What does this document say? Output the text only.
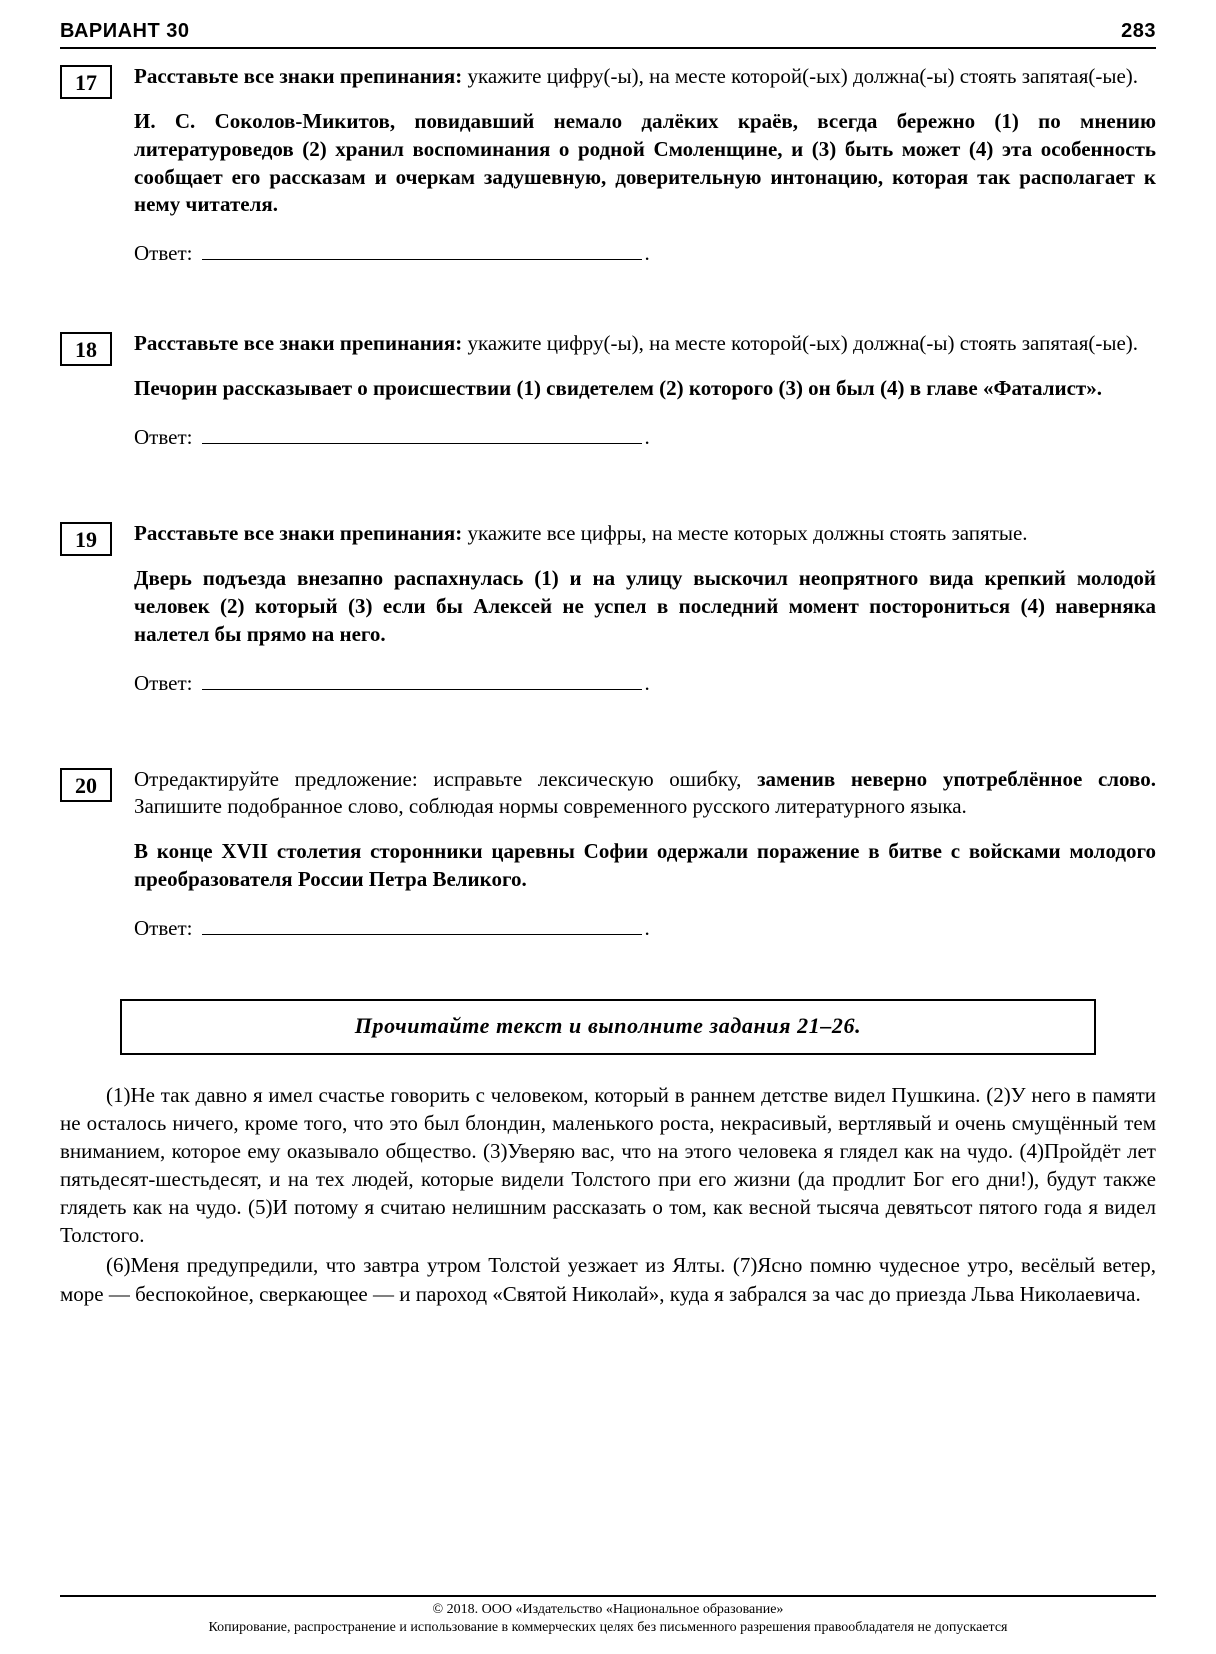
ВАРИАНТ 30	283
17	Расставьте все знаки препинания: укажите цифру(-ы), на месте которой(-ых) должна(-ы) стоять запятая(-ые).

И. С. Соколов-Микитов, повидавший немало далёких краёв, всегда бережно (1) по мнению литературоведов (2) хранил воспоминания о родной Смоленщине, и (3) быть может (4) эта особенность сообщает его рассказам и очеркам задушевную, доверительную интонацию, которая так располагает к нему читателя.

Ответ:	.
18	Расставьте все знаки препинания: укажите цифру(-ы), на месте которой(-ых) должна(-ы) стоять запятая(-ые).

Печорин рассказывает о происшествии (1) свидетелем (2) которого (3) он был (4) в главе «Фаталист».

Ответ:	.
19	Расставьте все знаки препинания: укажите все цифры, на месте которых должны стоять запятые.

Дверь подъезда внезапно распахнулась (1) и на улицу выскочил неопрятного вида крепкий молодой человек (2) который (3) если бы Алексей не успел в последний момент посторониться (4) наверняка налетел бы прямо на него.

Ответ:	.
20	Отредактируйте предложение: исправьте лексическую ошибку, заменив неверно употреблённое слово. Запишите подобранное слово, соблюдая нормы современного русского литературного языка.

В конце XVII столетия сторонники царевны Софии одержали поражение в битве с войсками молодого преобразователя России Петра Великого.

Ответ:	.
Прочитайте текст и выполните задания 21–26.

(1)Не так давно я имел счастье говорить с человеком, который в раннем детстве видел Пушкина. (2)У него в памяти не осталось ничего, кроме того, что это был блондин, маленького роста, некрасивый, вертлявый и очень смущённый тем вниманием, которое ему оказывало общество. (3)Уверяю вас, что на этого человека я глядел как на чудо. (4)Пройдёт лет пятьдесят-шестьдесят, и на тех людей, которые видели Толстого при его жизни (да продлит Бог его дни!), будут также глядеть как на чудо. (5)И потому я считаю нелишним рассказать о том, как весной тысяча девятьсот пятого года я видел Толстого.

(6)Меня предупредили, что завтра утром Толстой уезжает из Ялты. (7)Ясно помню чудесное утро, весёлый ветер, море — беспокойное, сверкающее — и пароход «Святой Николай», куда я забрался за час до приезда Льва Николаевича.

© 2018. ООО «Издательство «Национальное образование»
Копирование, распространение и использование в коммерческих целях без письменного разрешения правообладателя не допускается
